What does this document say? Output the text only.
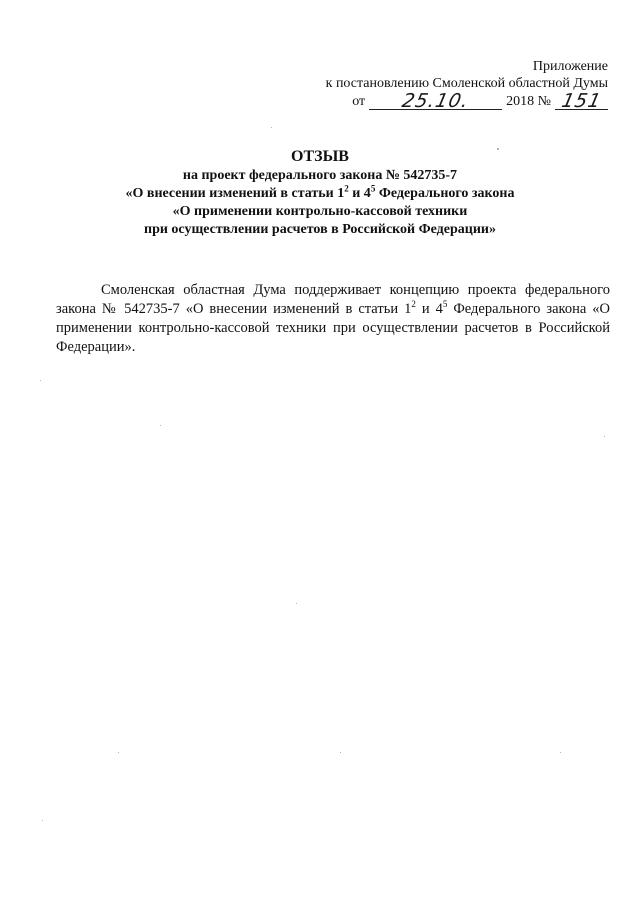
Приложение
к постановлению Смоленской областной Думы
от	25.10.	2018 № 151
ОТЗЫВ
на проект федерального закона № 542735-7
«О внесении изменений в статьи $1^2$ и $4^5$ Федерального закона
«О применении контрольно-кассовой техники
при осуществлении расчетов в Российской Федерации»

Смоленская областная Дума поддерживает концепцию проекта федерального закона № 542735-7 «О внесении изменений в статьи $1^2$ и $4^5$ Федерального закона «О применении контрольно-кассовой техники при осуществлении расчетов в Российской Федерации».
